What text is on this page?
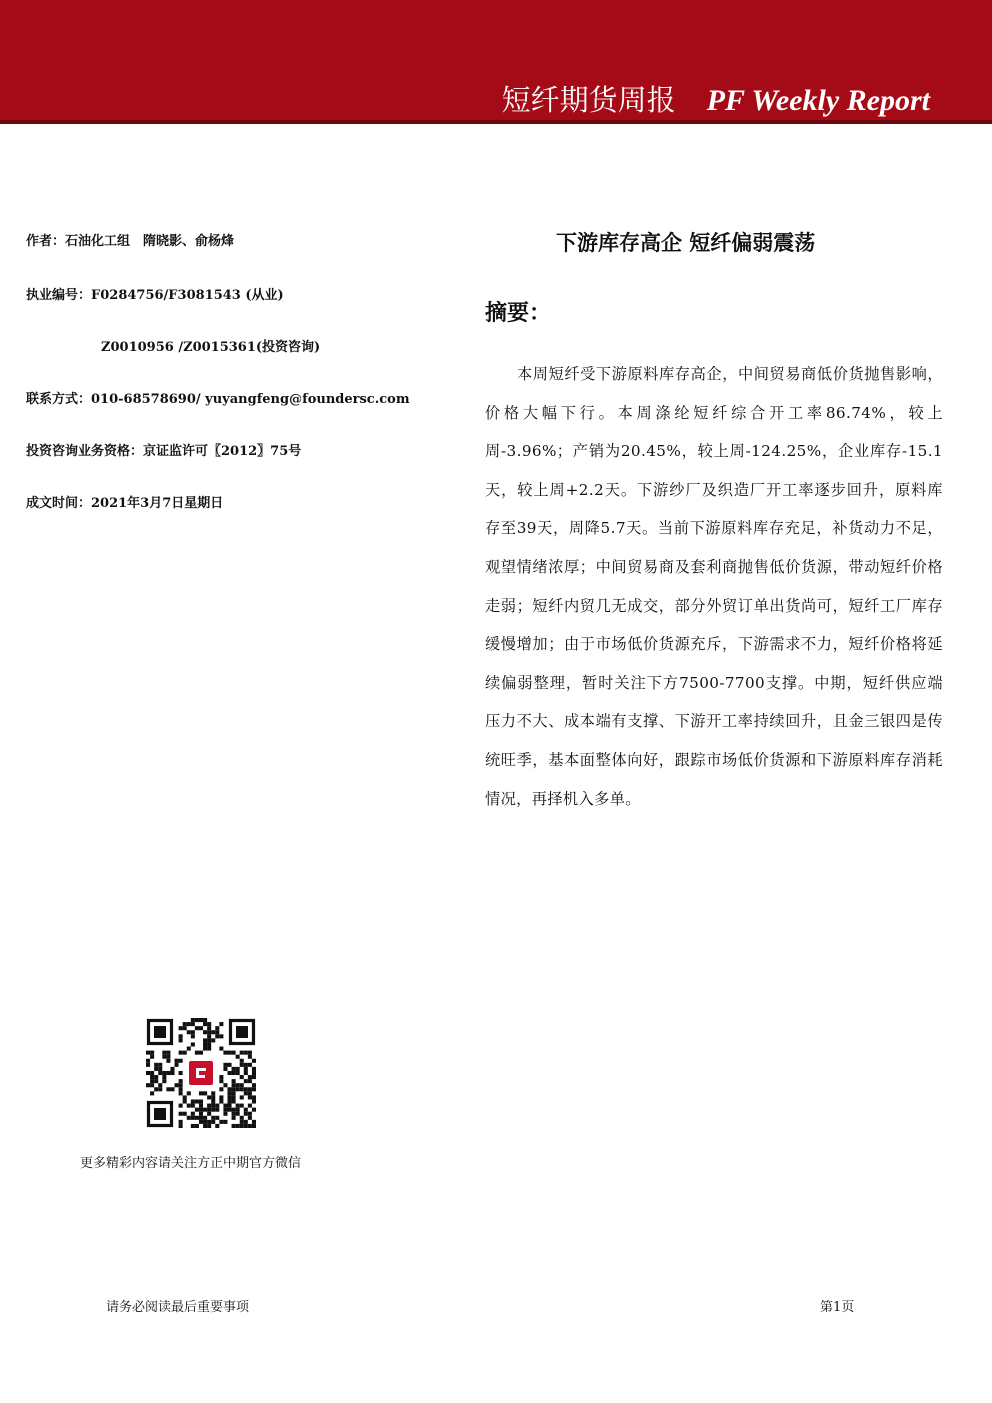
短纤期货周报 PF Weekly Report
作者：石油化工组　隋晓影、俞杨烽
执业编号：F0284756/F3081543 (从业)
Z0010956 /Z0015361(投资咨询)
联系方式：010-68578690/ yuyangfeng@foundersc.com
投资咨询业务资格：京证监许可〖2012〗75号
成文时间：2021年3月7日星期日
下游库存高企 短纤偏弱震荡
摘要：

本周短纤受下游原料库存高企，中间贸易商低价货抛售影响，价格大幅下行。本周涤纶短纤综合开工率86.74%，较上周-3.96%；产销为20.45%，较上周-124.25%，企业库存-15.1天，较上周+2.2天。下游纱厂及织造厂开工率逐步回升，原料库存至39天，周降5.7天。当前下游原料库存充足，补货动力不足，观望情绪浓厚；中间贸易商及套利商抛售低价货源，带动短纤价格走弱；短纤内贸几无成交，部分外贸订单出货尚可，短纤工厂库存缓慢增加；由于市场低价货源充斥，下游需求不力，短纤价格将延续偏弱整理，暂时关注下方7500-7700支撑。中期，短纤供应端压力不大、成本端有支撑、下游开工率持续回升，且金三银四是传统旺季，基本面整体向好，跟踪市场低价货源和下游原料库存消耗情况，再择机入多单。

更多精彩内容请关注方正中期官方微信
请务必阅读最后重要事项	第1页
